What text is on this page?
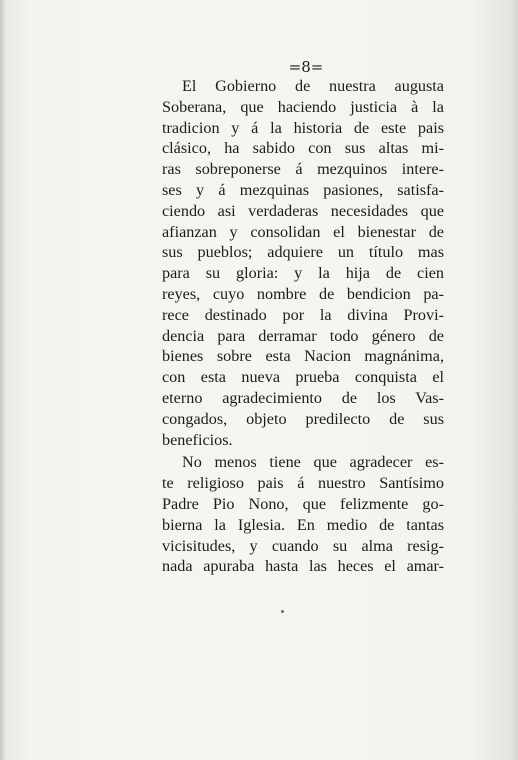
=8=

El Gobierno de nuestra augusta
Soberana, que haciendo justicia à la
tradicion y á la historia de este pais
clásico, ha sabido con sus altas mi-
ras sobreponerse á mezquinos intere-
ses y á mezquinas pasiones, satisfa-
ciendo asi verdaderas necesidades que
afianzan y consolidan el bienestar de
sus pueblos; adquiere un título mas
para su gloria: y la hija de cien
reyes, cuyo nombre de bendicion pa-
rece destinado por la divina Provi-
dencia para derramar todo género de
bienes sobre esta Nacion magnánima,
con esta nueva prueba conquista el
eterno agradecimiento de los Vas-
congados, objeto predilecto de sus
beneficios.

No menos tiene que agradecer es-
te religioso pais á nuestro Santísimo
Padre Pio Nono, que felizmente go-
bierna la Iglesia. En medio de tantas
vicisitudes, y cuando su alma resig-
nada apuraba hasta las heces el amar-
